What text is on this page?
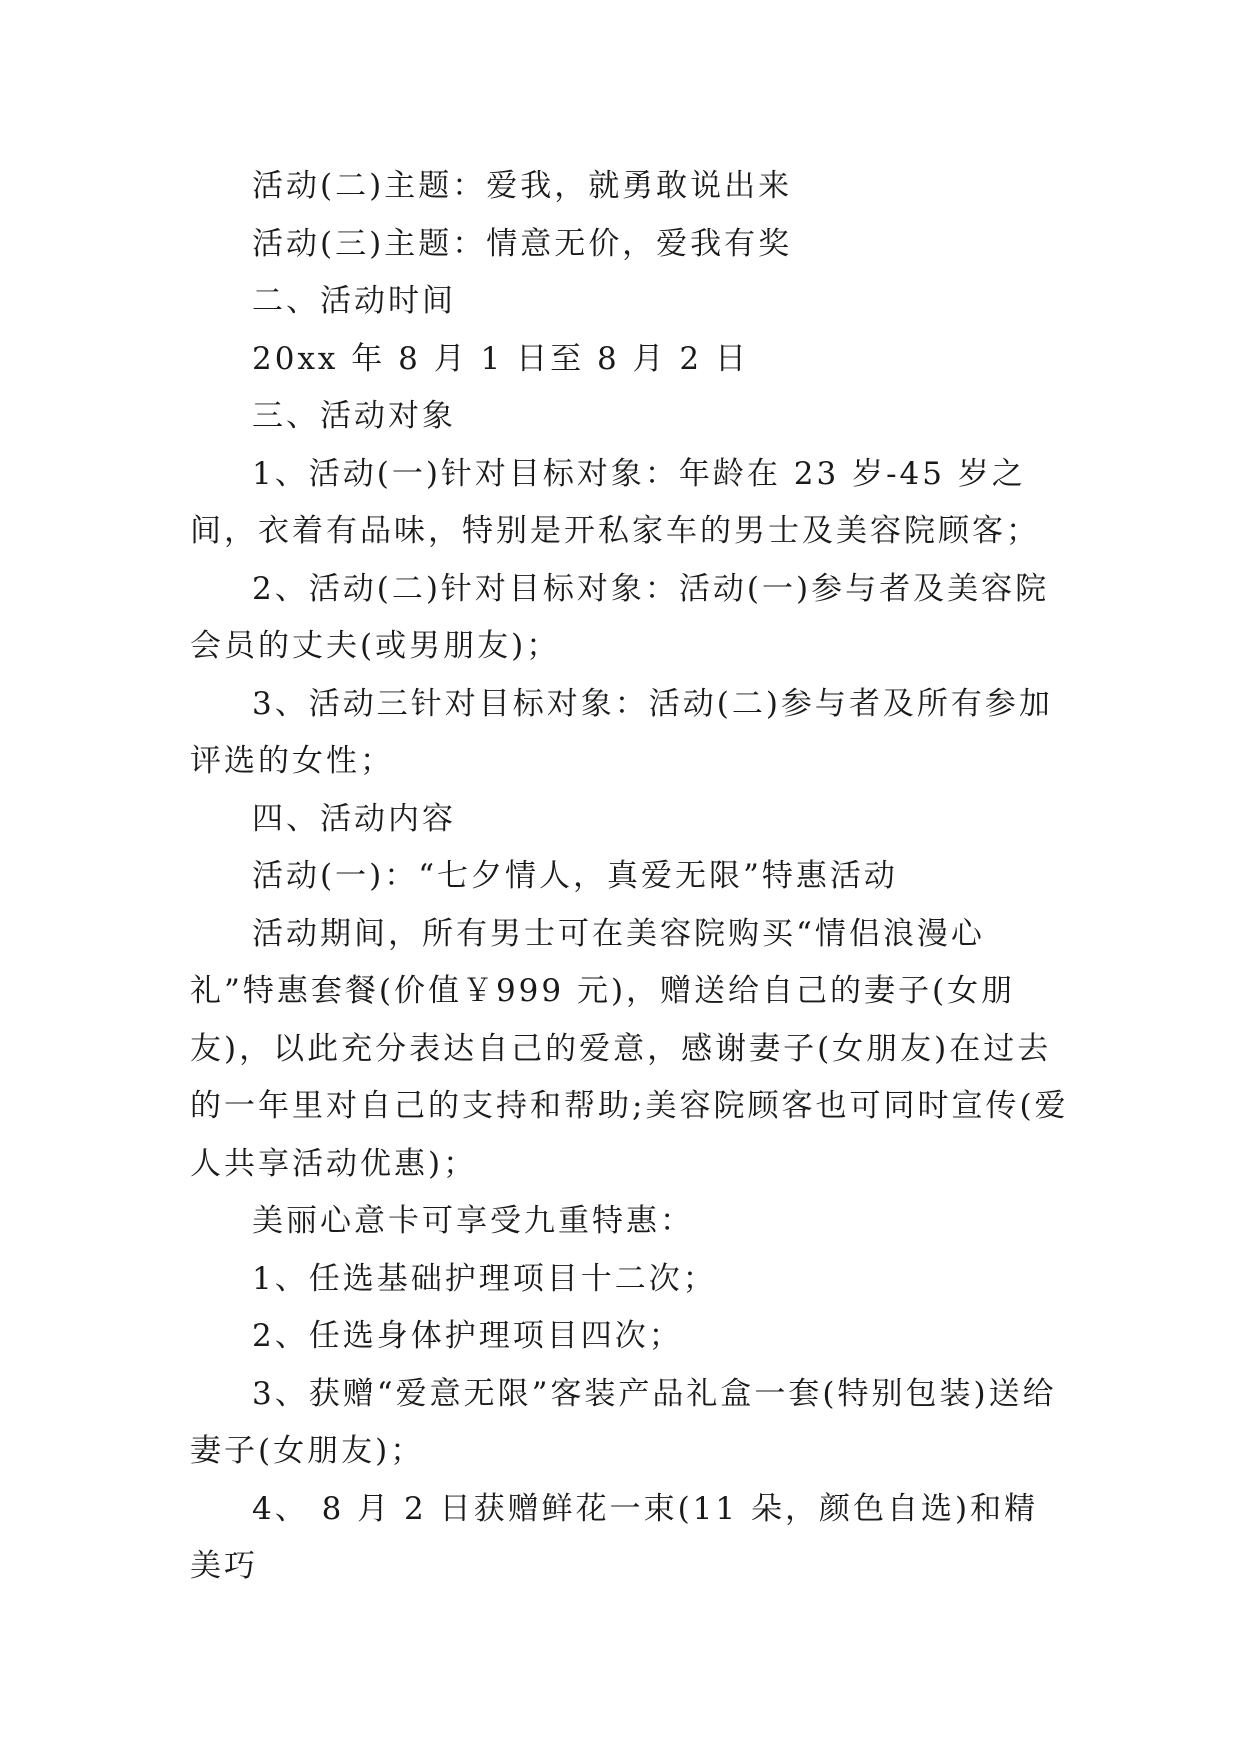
活动(二)主题：爱我，就勇敢说出来

活动(三)主题：情意无价，爱我有奖

二、活动时间

20xx 年 8 月 1 日至 8 月 2 日

三、活动对象

1、活动(一)针对目标对象：年龄在 23 岁-45 岁之间，衣着有品味，特别是开私家车的男士及美容院顾客；

2、活动(二)针对目标对象：活动(一)参与者及美容院会员的丈夫(或男朋友)；

3、活动三针对目标对象：活动(二)参与者及所有参加评选的女性；

四、活动内容

活动(一)：“七夕情人，真爱无限”特惠活动

活动期间，所有男士可在美容院购买“情侣浪漫心礼”特惠套餐(价值￥999 元)，赠送给自己的妻子(女朋友)，以此充分表达自己的爱意，感谢妻子(女朋友)在过去的一年里对自己的支持和帮助;美容院顾客也可同时宣传(爱人共享活动优惠)；

美丽心意卡可享受九重特惠：

1、任选基础护理项目十二次；

2、任选身体护理项目四次；

3、获赠“爱意无限”客装产品礼盒一套(特别包装)送给妻子(女朋友)；

4、 8 月 2 日获赠鲜花一束(11 朵，颜色自选)和精美巧
